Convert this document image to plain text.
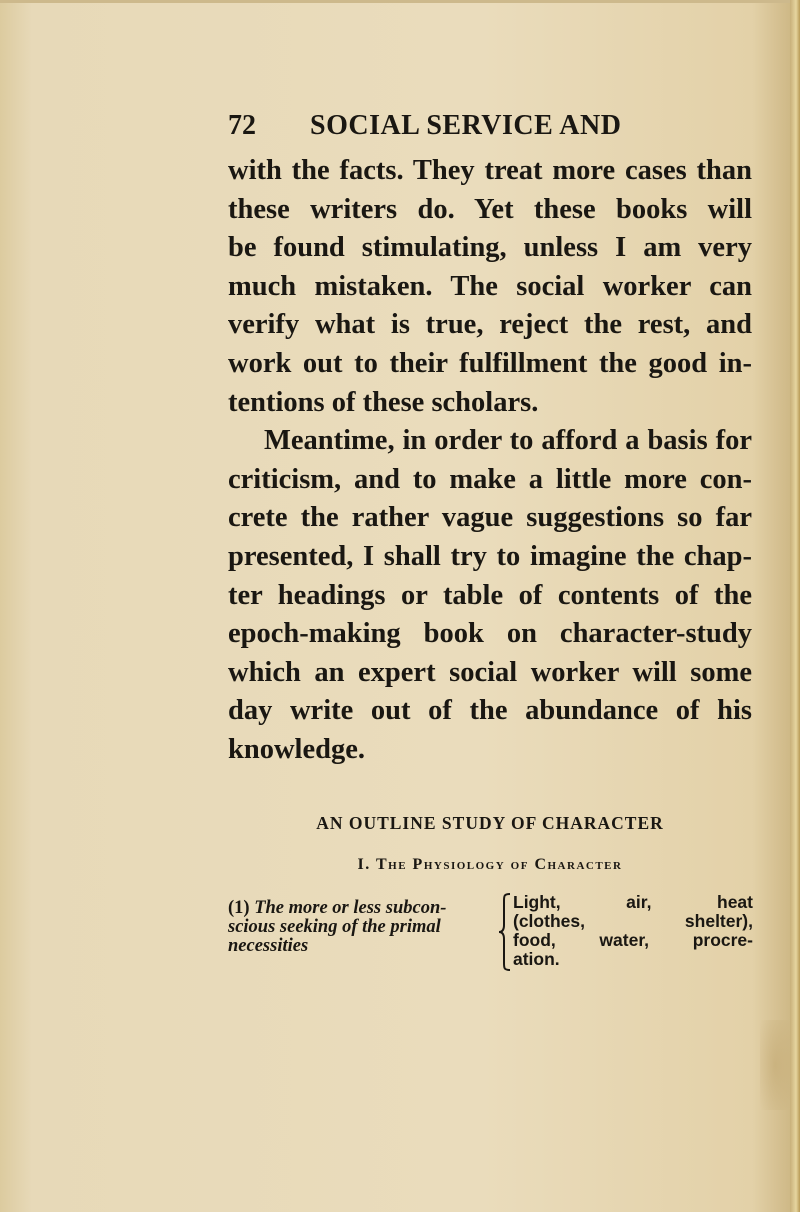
72 SOCIAL SERVICE AND
with the facts. They treat more cases than
these writers do. Yet these books will
be found stimulating, unless I am very
much mistaken. The social worker can
verify what is true, reject the rest, and
work out to their fulfillment the good in-
tentions of these scholars.
Meantime, in order to afford a basis for
criticism, and to make a little more con-
crete the rather vague suggestions so far
presented, I shall try to imagine the chap-
ter headings or table of contents of the
epoch-making book on character-study
which an expert social worker will some
day write out of the abundance of his
knowledge.
AN OUTLINE STUDY OF CHARACTER
I. The Physiology of Character
(1) The more or less subcon-
scious seeking of the primal
necessities
Light, air, heat
(clothes, shelter),
food, water, procre-
ation.
